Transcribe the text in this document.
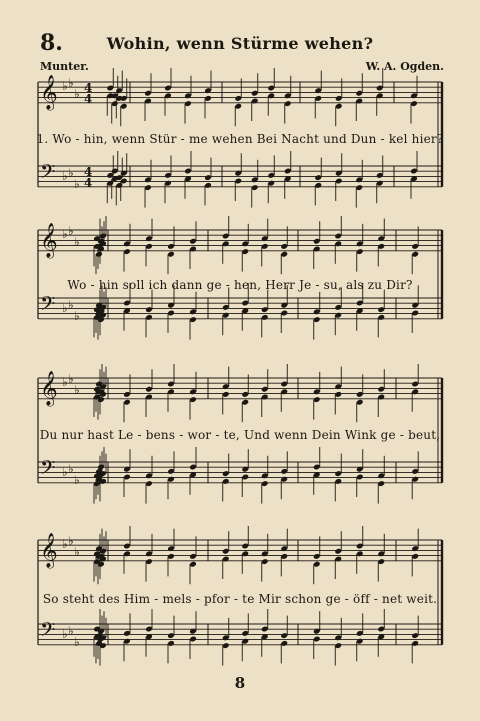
8.	Wohin, wenn Stürme wehen?
Munter.	W. A. Ogden.
𝄞
𝄢
♭
♭
♭
♭
♭
♭
4
4
4
4
𝄞
𝄢
♭
♭
♭
♭
♭
♭
𝄞
𝄢
♭
♭
♭
♭
♭
♭
𝄞
𝄢
♭
♭
♭
♭
♭
♭
1. Wo - hin, wenn Stür - me wehen Bei Nacht und Dun - kel hier?
Wo - hin soll ich dann ge - hen, Herr Je - su, als zu Dir?
Du nur hast Le - bens - wor - te, Und wenn Dein Wink ge - beut,
So steht des Him - mels - pfor - te Mir schon ge - öff - net weit.
8
